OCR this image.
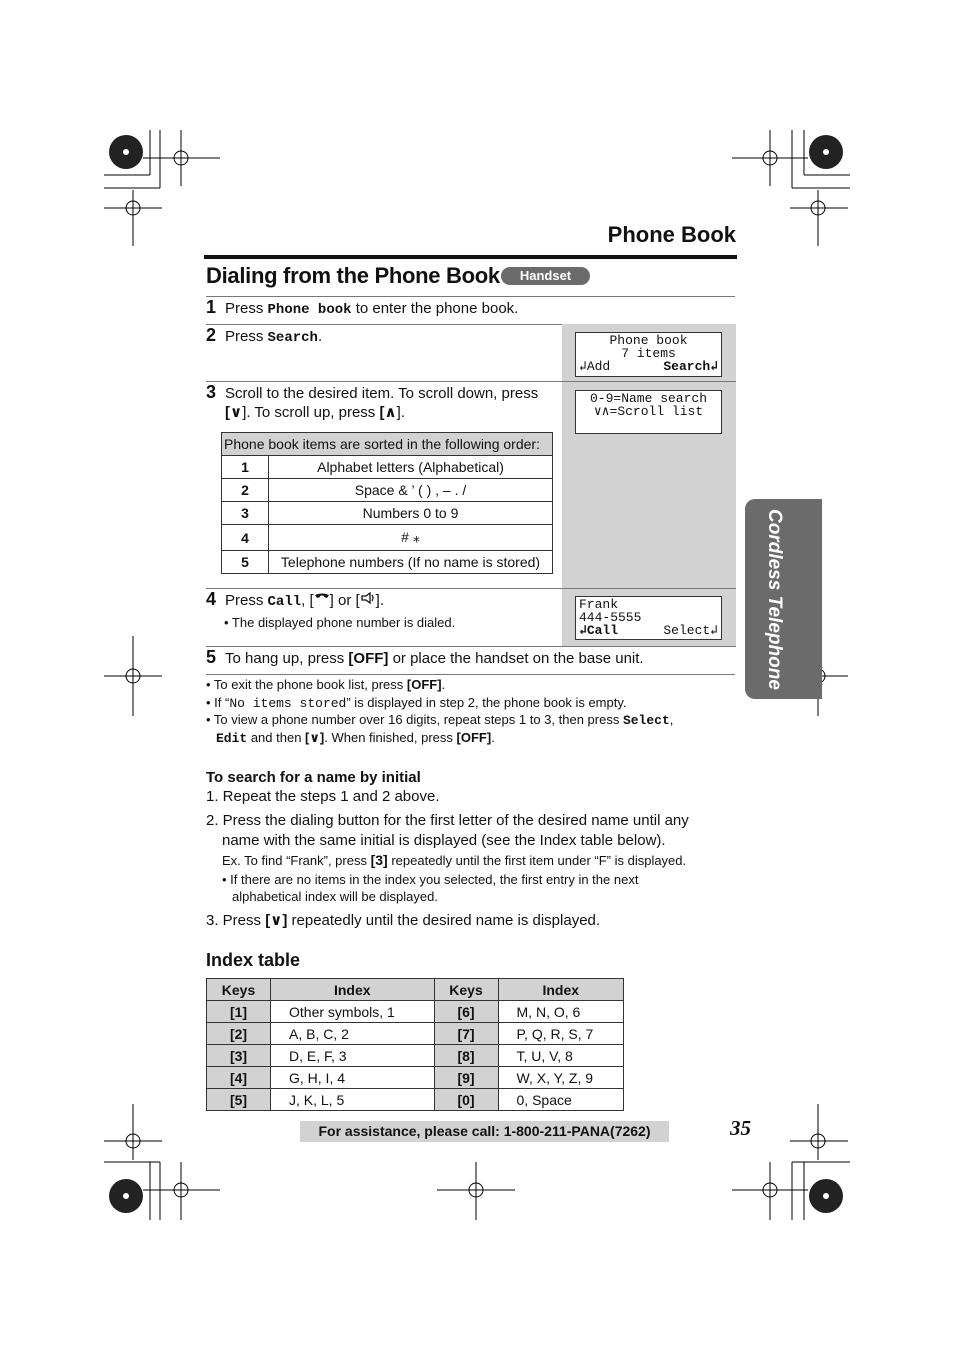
Phone Book
Dialing from the Phone Book	Handset
1 Press Phone book to enter the phone book.
2 Press Search.	Phone book
7 items
↲Add	Search↲
3 Scroll to the desired item. To scroll down, press
[∨]. To scroll up, press [∧].
0-9=Name search
∨∧=Scroll list
Phone book items are sorted in the following order:	
1	Alphabet letters (Alphabetical)
2	Space & ’ ( ) , – . /
3	Numbers 0 to 9
4	# ⁎
5	Telephone numbers (If no name is stored)
4 Press Call, [ ] or [ ].
• The displayed phone number is dialed.
Frank
444-5555
↲Call	Select↲
5 To hang up, press [OFF] or place the handset on the base unit.
• To exit the phone book list, press [OFF].
• If “No items stored” is displayed in step 2, the phone book is empty.
• To view a phone number over 16 digits, repeat steps 1 to 3, then press Select,
Edit and then [∨]. When finished, press [OFF].
To search for a name by initial
1. Repeat the steps 1 and 2 above.
2. Press the dialing button for the first letter of the desired name until any
name with the same initial is displayed (see the Index table below).
Ex. To find “Frank”, press [3] repeatedly until the first item under “F” is displayed.
• If there are no items in the index you selected, the first entry in the next
alphabetical index will be displayed.
3. Press [∨] repeatedly until the desired name is displayed.
Index table
Keys	Index	Keys	Index
[1]	Other symbols, 1	[6]	M, N, O, 6
[2]	A, B, C, 2	[7]	P, Q, R, S, 7
[3]	D, E, F, 3	[8]	T, U, V, 8
[4]	G, H, I, 4	[9]	W, X, Y, Z, 9
[5]	J, K, L, 5	[0]	0, Space
Cordless Telephone
For assistance, please call: 1-800-211-PANA(7262)	35
